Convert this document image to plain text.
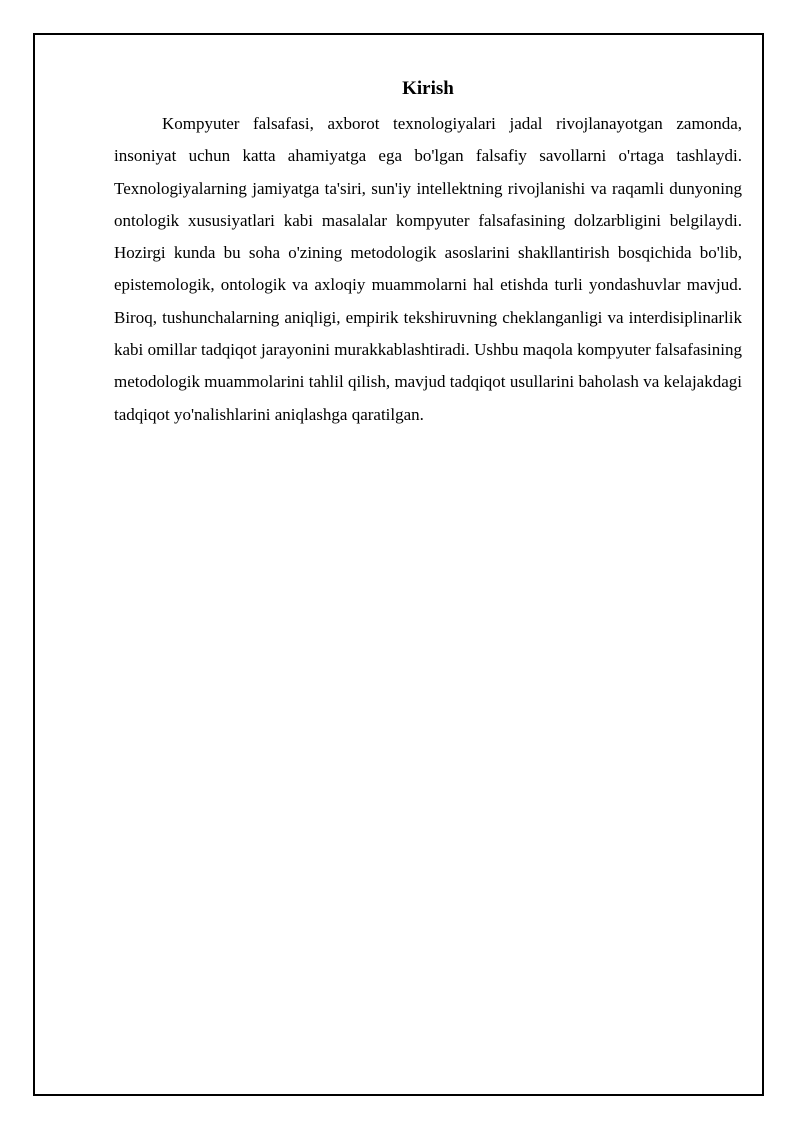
Kirish

Kompyuter falsafasi, axborot texnologiyalari jadal rivojlanayotgan zamonda, insoniyat uchun katta ahamiyatga ega bo'lgan falsafiy savollarni o'rtaga tashlaydi. Texnologiyalarning jamiyatga ta'siri, sun'iy intellektning rivojlanishi va raqamli dunyoning ontologik xususiyatlari kabi masalalar kompyuter falsafasining dolzarbligini belgilaydi. Hozirgi kunda bu soha o'zining metodologik asoslarini shakllantirish bosqichida bo'lib, epistemologik, ontologik va axloqiy muammolarni hal etishda turli yondashuvlar mavjud. Biroq, tushunchalarning aniqligi, empirik tekshiruvning cheklanganligi va interdisiplinarlik kabi omillar tadqiqot jarayonini murakkablashtiradi. Ushbu maqola kompyuter falsafasining metodologik muammolarini tahlil qilish, mavjud tadqiqot usullarini baholash va kelajakdagi tadqiqot yo'nalishlarini aniqlashga qaratilgan.
